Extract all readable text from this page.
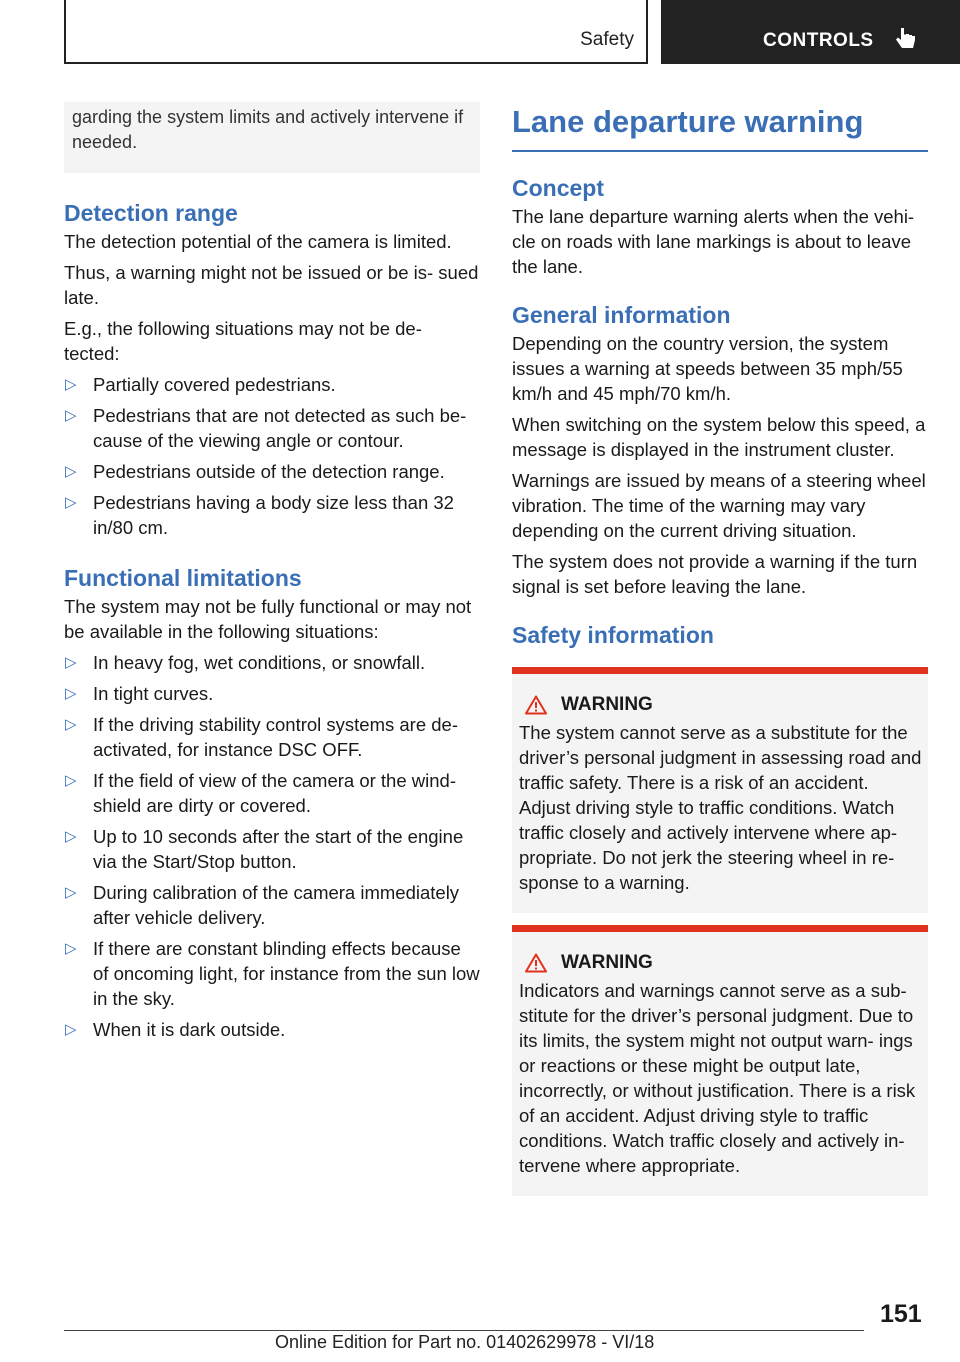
Safety	CONTROLS
garding the system limits and actively intervene if needed.
Detection range

The detection potential of the camera is limited.

Thus, a warning might not be issued or be is‐ sued late.

E.g., the following situations may not be de‐ tected:

▷ Partially covered pedestrians.
▷ Pedestrians that are not detected as such be‐ cause of the viewing angle or contour.
▷ Pedestrians outside of the detection range.
▷ Pedestrians having a body size less than 32 in/80 cm.
Functional limitations

The system may not be fully functional or may not be available in the following situations:

▷ In heavy fog, wet conditions, or snowfall.
▷ In tight curves.
▷ If the driving stability control systems are de‐ activated, for instance DSC OFF.
▷ If the field of view of the camera or the wind‐ shield are dirty or covered.
▷ Up to 10 seconds after the start of the engine via the Start/Stop button.
▷ During calibration of the camera immediately after vehicle delivery.
▷ If there are constant blinding effects because of oncoming light, for instance from the sun low in the sky.
▷ When it is dark outside.
Lane departure warning
Concept

The lane departure warning alerts when the vehi‐ cle on roads with lane markings is about to leave the lane.

General information

Depending on the country version, the system issues a warning at speeds between 35 mph/55 km/h and 45 mph/70 km/h.

When switching on the system below this speed, a message is displayed in the instrument cluster.

Warnings are issued by means of a steering wheel vibration. The time of the warning may vary depending on the current driving situation.

The system does not provide a warning if the turn signal is set before leaving the lane.

Safety information
WARNING
The system cannot serve as a substitute for the driver’s personal judgment in assessing road and traffic safety. There is a risk of an accident. Adjust driving style to traffic conditions. Watch traffic closely and actively intervene where ap‐ propriate. Do not jerk the steering wheel in re‐ sponse to a warning.
WARNING
Indicators and warnings cannot serve as a sub‐ stitute for the driver’s personal judgment. Due to its limits, the system might not output warn‐ ings or reactions or these might be output late, incorrectly, or without justification. There is a risk of an accident. Adjust driving style to traffic conditions. Watch traffic closely and actively in‐ tervene where appropriate.
151
Online Edition for Part no. 01402629978 - VI/18
